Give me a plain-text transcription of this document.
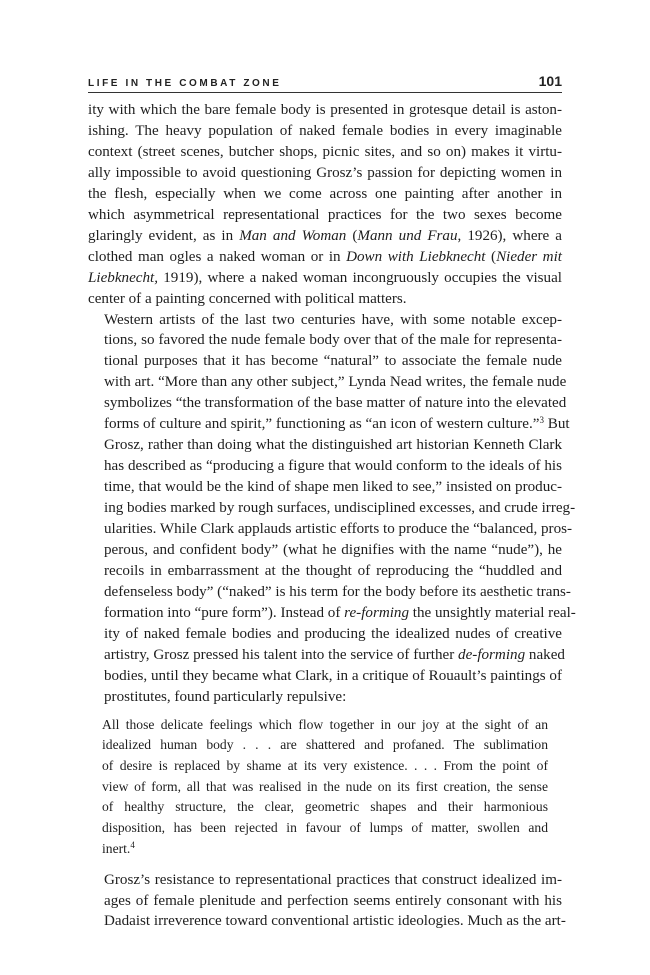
LIFE IN THE COMBAT ZONE	101

ity with which the bare female body is presented in grotesque detail is aston-
ishing. The heavy population of naked female bodies in every imaginable
context (street scenes, butcher shops, picnic sites, and so on) makes it virtu-
ally impossible to avoid questioning Grosz’s passion for depicting women in
the flesh, especially when we come across one painting after another in
which asymmetrical representational practices for the two sexes become
glaringly evident, as in Man and Woman (Mann und Frau, 1926), where a
clothed man ogles a naked woman or in Down with Liebknecht (Nieder mit
Liebknecht, 1919), where a naked woman incongruously occupies the visual
center of a painting concerned with political matters.

Western artists of the last two centuries have, with some notable excep-
tions, so favored the nude female body over that of the male for representa-
tional purposes that it has become “natural” to associate the female nude
with art. “More than any other subject,” Lynda Nead writes, the female nude
symbolizes “the transformation of the base matter of nature into the elevated
forms of culture and spirit,” functioning as “an icon of western culture.”$^3$ But
Grosz, rather than doing what the distinguished art historian Kenneth Clark
has described as “producing a figure that would conform to the ideals of his
time, that would be the kind of shape men liked to see,” insisted on produc-
ing bodies marked by rough surfaces, undisciplined excesses, and crude irreg-
ularities. While Clark applauds artistic efforts to produce the “balanced, pros-
perous, and confident body” (what he dignifies with the name “nude”), he
recoils in embarrassment at the thought of reproducing the “huddled and
defenseless body” (“naked” is his term for the body before its aesthetic trans-
formation into “pure form”). Instead of re-forming the unsightly material real-
ity of naked female bodies and producing the idealized nudes of creative
artistry, Grosz pressed his talent into the service of further de-forming naked
bodies, until they became what Clark, in a critique of Rouault’s paintings of
prostitutes, found particularly repulsive:

All those delicate feelings which flow together in our joy at the sight of an
idealized human body . . . are shattered and profaned. The sublimation
of desire is replaced by shame at its very existence. . . . From the point of
view of form, all that was realised in the nude on its first creation, the sense
of healthy structure, the clear, geometric shapes and their harmonious
disposition, has been rejected in favour of lumps of matter, swollen and
inert.$^4$

Grosz’s resistance to representational practices that construct idealized im-
ages of female plenitude and perfection seems entirely consonant with his
Dadaist irreverence toward conventional artistic ideologies. Much as the art-
